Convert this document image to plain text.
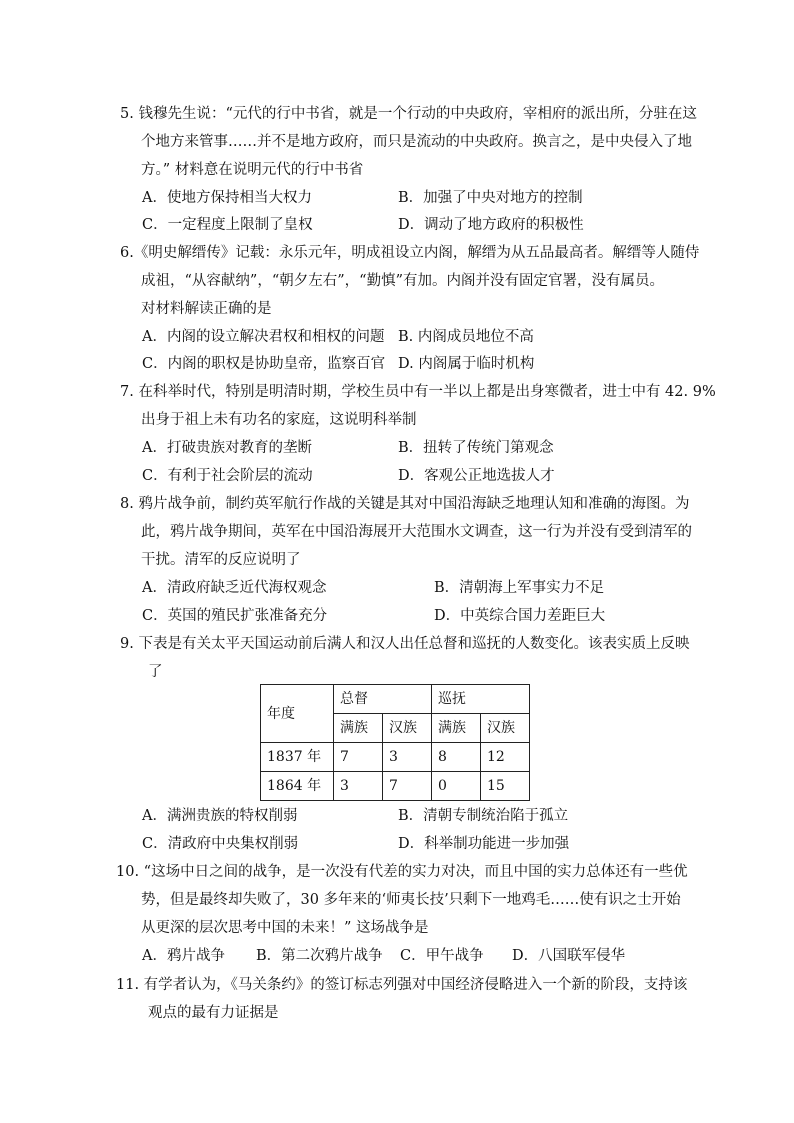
5. 钱穆先生说：“元代的行中书省，就是一个行动的中央政府，宰相府的派出所，分驻在这
个地方来管事……并不是地方政府，而只是流动的中央政府。换言之，是中央侵入了地
方。” 材料意在说明元代的行中书省
A．使地方保持相当大权力	B．加强了中央对地方的控制
C．一定程度上限制了皇权	D．调动了地方政府的积极性
6.《明史解缙传》记载：永乐元年，明成祖设立内阁，解缙为从五品最高者。解缙等人随侍
成祖，“从容献纳”，“朝夕左右”，“勤慎”有加。内阁并没有固定官署，没有属员。
对材料解读正确的是
A．内阁的设立解决君权和相权的问题 B. 内阁成员地位不高
C．内阁的职权是协助皇帝，监察百官 D. 内阁属于临时机构
7. 在科举时代，特别是明清时期，学校生员中有一半以上都是出身寒微者，进士中有 42. 9%
出身于祖上未有功名的家庭，这说明科举制
A．打破贵族对教育的垄断	B．扭转了传统门第观念
C．有利于社会阶层的流动	D．客观公正地选拔人才
8. 鸦片战争前，制约英军航行作战的关键是其对中国沿海缺乏地理认知和准确的海图。为
此，鸦片战争期间，英军在中国沿海展开大范围水文调查，这一行为并没有受到清军的
干扰。清军的反应说明了
A．清政府缺乏近代海权观念	B．清朝海上军事实力不足
C．英国的殖民扩张准备充分	D．中英综合国力差距巨大
9. 下表是有关太平天国运动前后满人和汉人出任总督和巡抚的人数变化。该表实质上反映
了
年度	总督		巡抚	
	满族	汉族	满族	汉族
1837 年	7	3	8	12
1864 年	3	7	0	15
A．满洲贵族的特权削弱	B．清朝专制统治陷于孤立
C．清政府中央集权削弱	D．科举制功能进一步加强
10. “这场中日之间的战争，是一次没有代差的实力对决，而且中国的实力总体还有一些优
势，但是最终却失败了，30 多年来的‘师夷长技’只剩下一地鸡毛……使有识之士开始
从更深的层次思考中国的未来！” 这场战争是
A．鸦片战争 B．第二次鸦片战争 C．甲午战争 D．八国联军侵华
11. 有学者认为，《马关条约》的签订标志列强对中国经济侵略进入一个新的阶段，支持该
观点的最有力证据是
